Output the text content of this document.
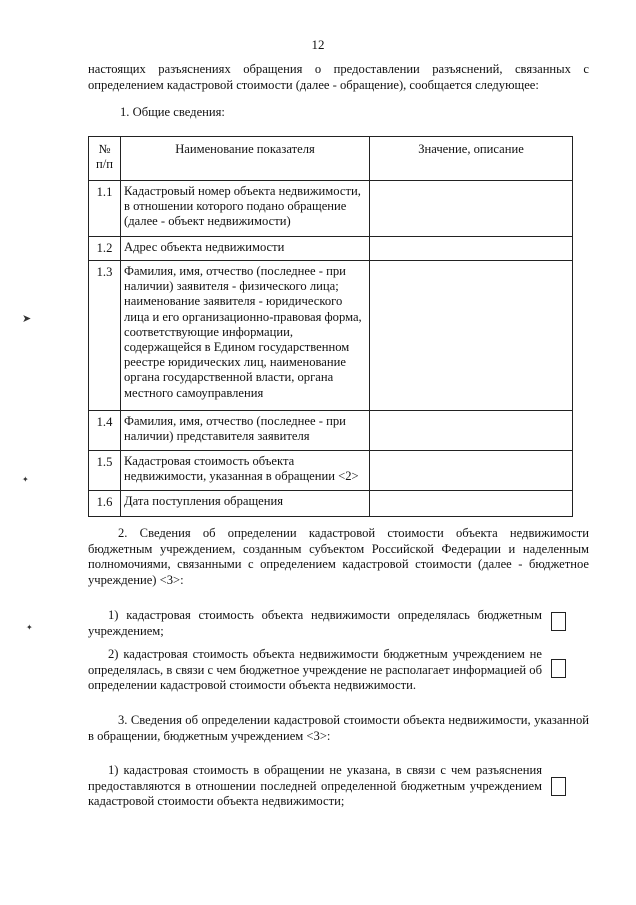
12
настоящих разъяснениях обращения о предоставлении разъяснений, связанных с определением кадастровой стоимости (далее - обращение), сообщается следующее:
1. Общие сведения:
№ п/п	Наименование показателя	Значение, описание
1.1	Кадастровый номер объекта недвижимости, в отношении которого подано обращение (далее - объект недвижимости)	
1.2	Адрес объекта недвижимости	
1.3	Фамилия, имя, отчество (последнее - при наличии) заявителя - физического лица; наименование заявителя - юридического лица и его организационно-правовая форма, соответствующие информации, содержащейся в Едином государственном реестре юридических лиц, наименование органа государственной власти, органа местного самоуправления	
1.4	Фамилия, имя, отчество (последнее - при наличии) представителя заявителя	
1.5	Кадастровая стоимость объекта недвижимости, указанная в обращении <2>	
1.6	Дата поступления обращения	
2. Сведения об определении кадастровой стоимости объекта недвижимости бюджетным учреждением, созданным субъектом Российской Федерации и наделенным полномочиями, связанными с определением кадастровой стоимости (далее - бюджетное учреждение) <3>:
1) кадастровая стоимость объекта недвижимости определялась бюджетным учреждением;
2) кадастровая стоимость объекта недвижимости бюджетным учреждением не определялась, в связи с чем бюджетное учреждение не располагает информацией об определении кадастровой стоимости объекта недвижимости.
3. Сведения об определении кадастровой стоимости объекта недвижимости, указанной в обращении, бюджетным учреждением <3>:
1) кадастровая стоимость в обращении не указана, в связи с чем разъяснения предоставляются в отношении последней определенной бюджетным учреждением кадастровой стоимости объекта недвижимости;
➤
✦
✦
